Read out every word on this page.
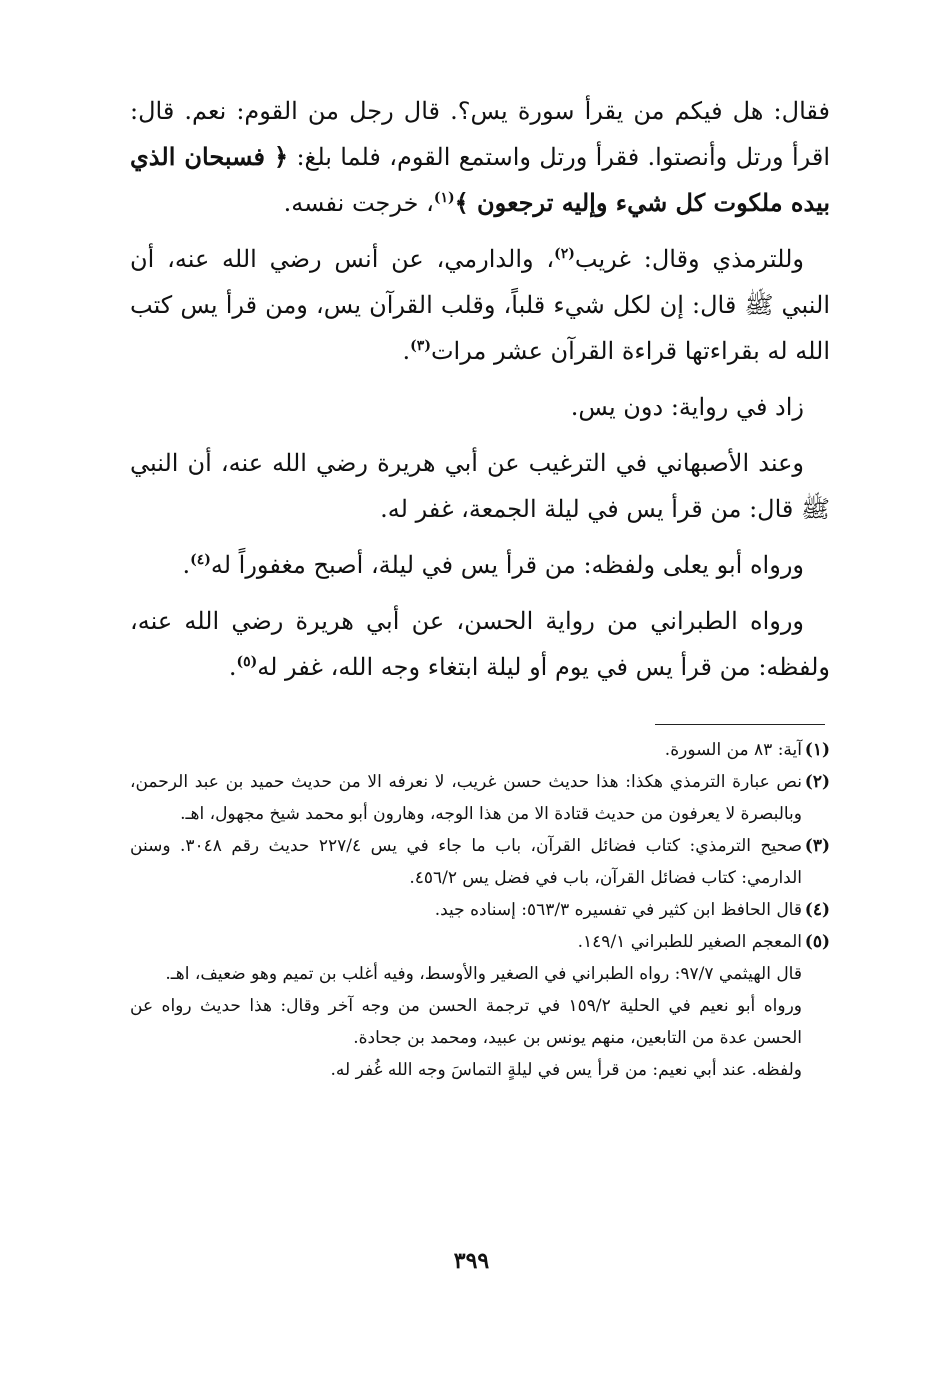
فقال: هل فيكم من يقرأ سورة يس؟. قال رجل من القوم: نعم. قال: اقرأ ورتل وأنصتوا. فقرأ ورتل واستمع القوم، فلما بلغ: ﴿ فسبحان الذي بيده ملكوت كل شيء وإليه ترجعون ﴾$^{(١)}$، خرجت نفسه.

وللترمذي وقال: غريب$^{(٢)}$، والدارمي، عن أنس رضي الله عنه، أن النبي ﷺ قال: إن لكل شيء قلباً، وقلب القرآن يس، ومن قرأ يس كتب الله له بقراءتها قراءة القرآن عشر مرات$^{(٣)}$.

زاد في رواية: دون يس.

وعند الأصبهاني في الترغيب عن أبي هريرة رضي الله عنه، أن النبي ﷺ قال: من قرأ يس في ليلة الجمعة، غفر له.

ورواه أبو يعلى ولفظه: من قرأ يس في ليلة، أصبح مغفوراً له$^{(٤)}$.

ورواه الطبراني من رواية الحسن، عن أبي هريرة رضي الله عنه، ولفظه: من قرأ يس في يوم أو ليلة ابتغاء وجه الله، غفر له$^{(٥)}$.

(١)
آية: ٨٣ من السورة.
(٢)
نص عبارة الترمذي هكذا: هذا حديث حسن غريب، لا نعرفه الا من حديث حميد بن عبد الرحمن، وبالبصرة لا يعرفون من حديث قتادة الا من هذا الوجه، وهارون أبو محمد شيخ مجهول، اهـ.
(٣)
صحيح الترمذي: كتاب فضائل القرآن، باب ما جاء في يس ٢٢٧/٤ حديث رقم ٣٠٤٨. وسنن الدارمي: كتاب فضائل القرآن، باب في فضل يس ٤٥٦/٢.
(٤)
قال الحافظ ابن كثير في تفسيره ٥٦٣/٣: إسناده جيد.
(٥)
المعجم الصغير للطبراني ١٤٩/١.
قال الهيثمي ٩٧/٧: رواه الطبراني في الصغير والأوسط، وفيه أغلب بن تميم وهو ضعيف، اهـ.
ورواه أبو نعيم في الحلية ١٥٩/٢ في ترجمة الحسن من وجه آخر وقال: هذا حديث رواه عن الحسن عدة من التابعين، منهم يونس بن عبيد، ومحمد بن جحادة.
ولفظه. عند أبي نعيم: من قرأ يس في ليلةٍ التماسَ وجه الله غُفر له.
٣٩٩
